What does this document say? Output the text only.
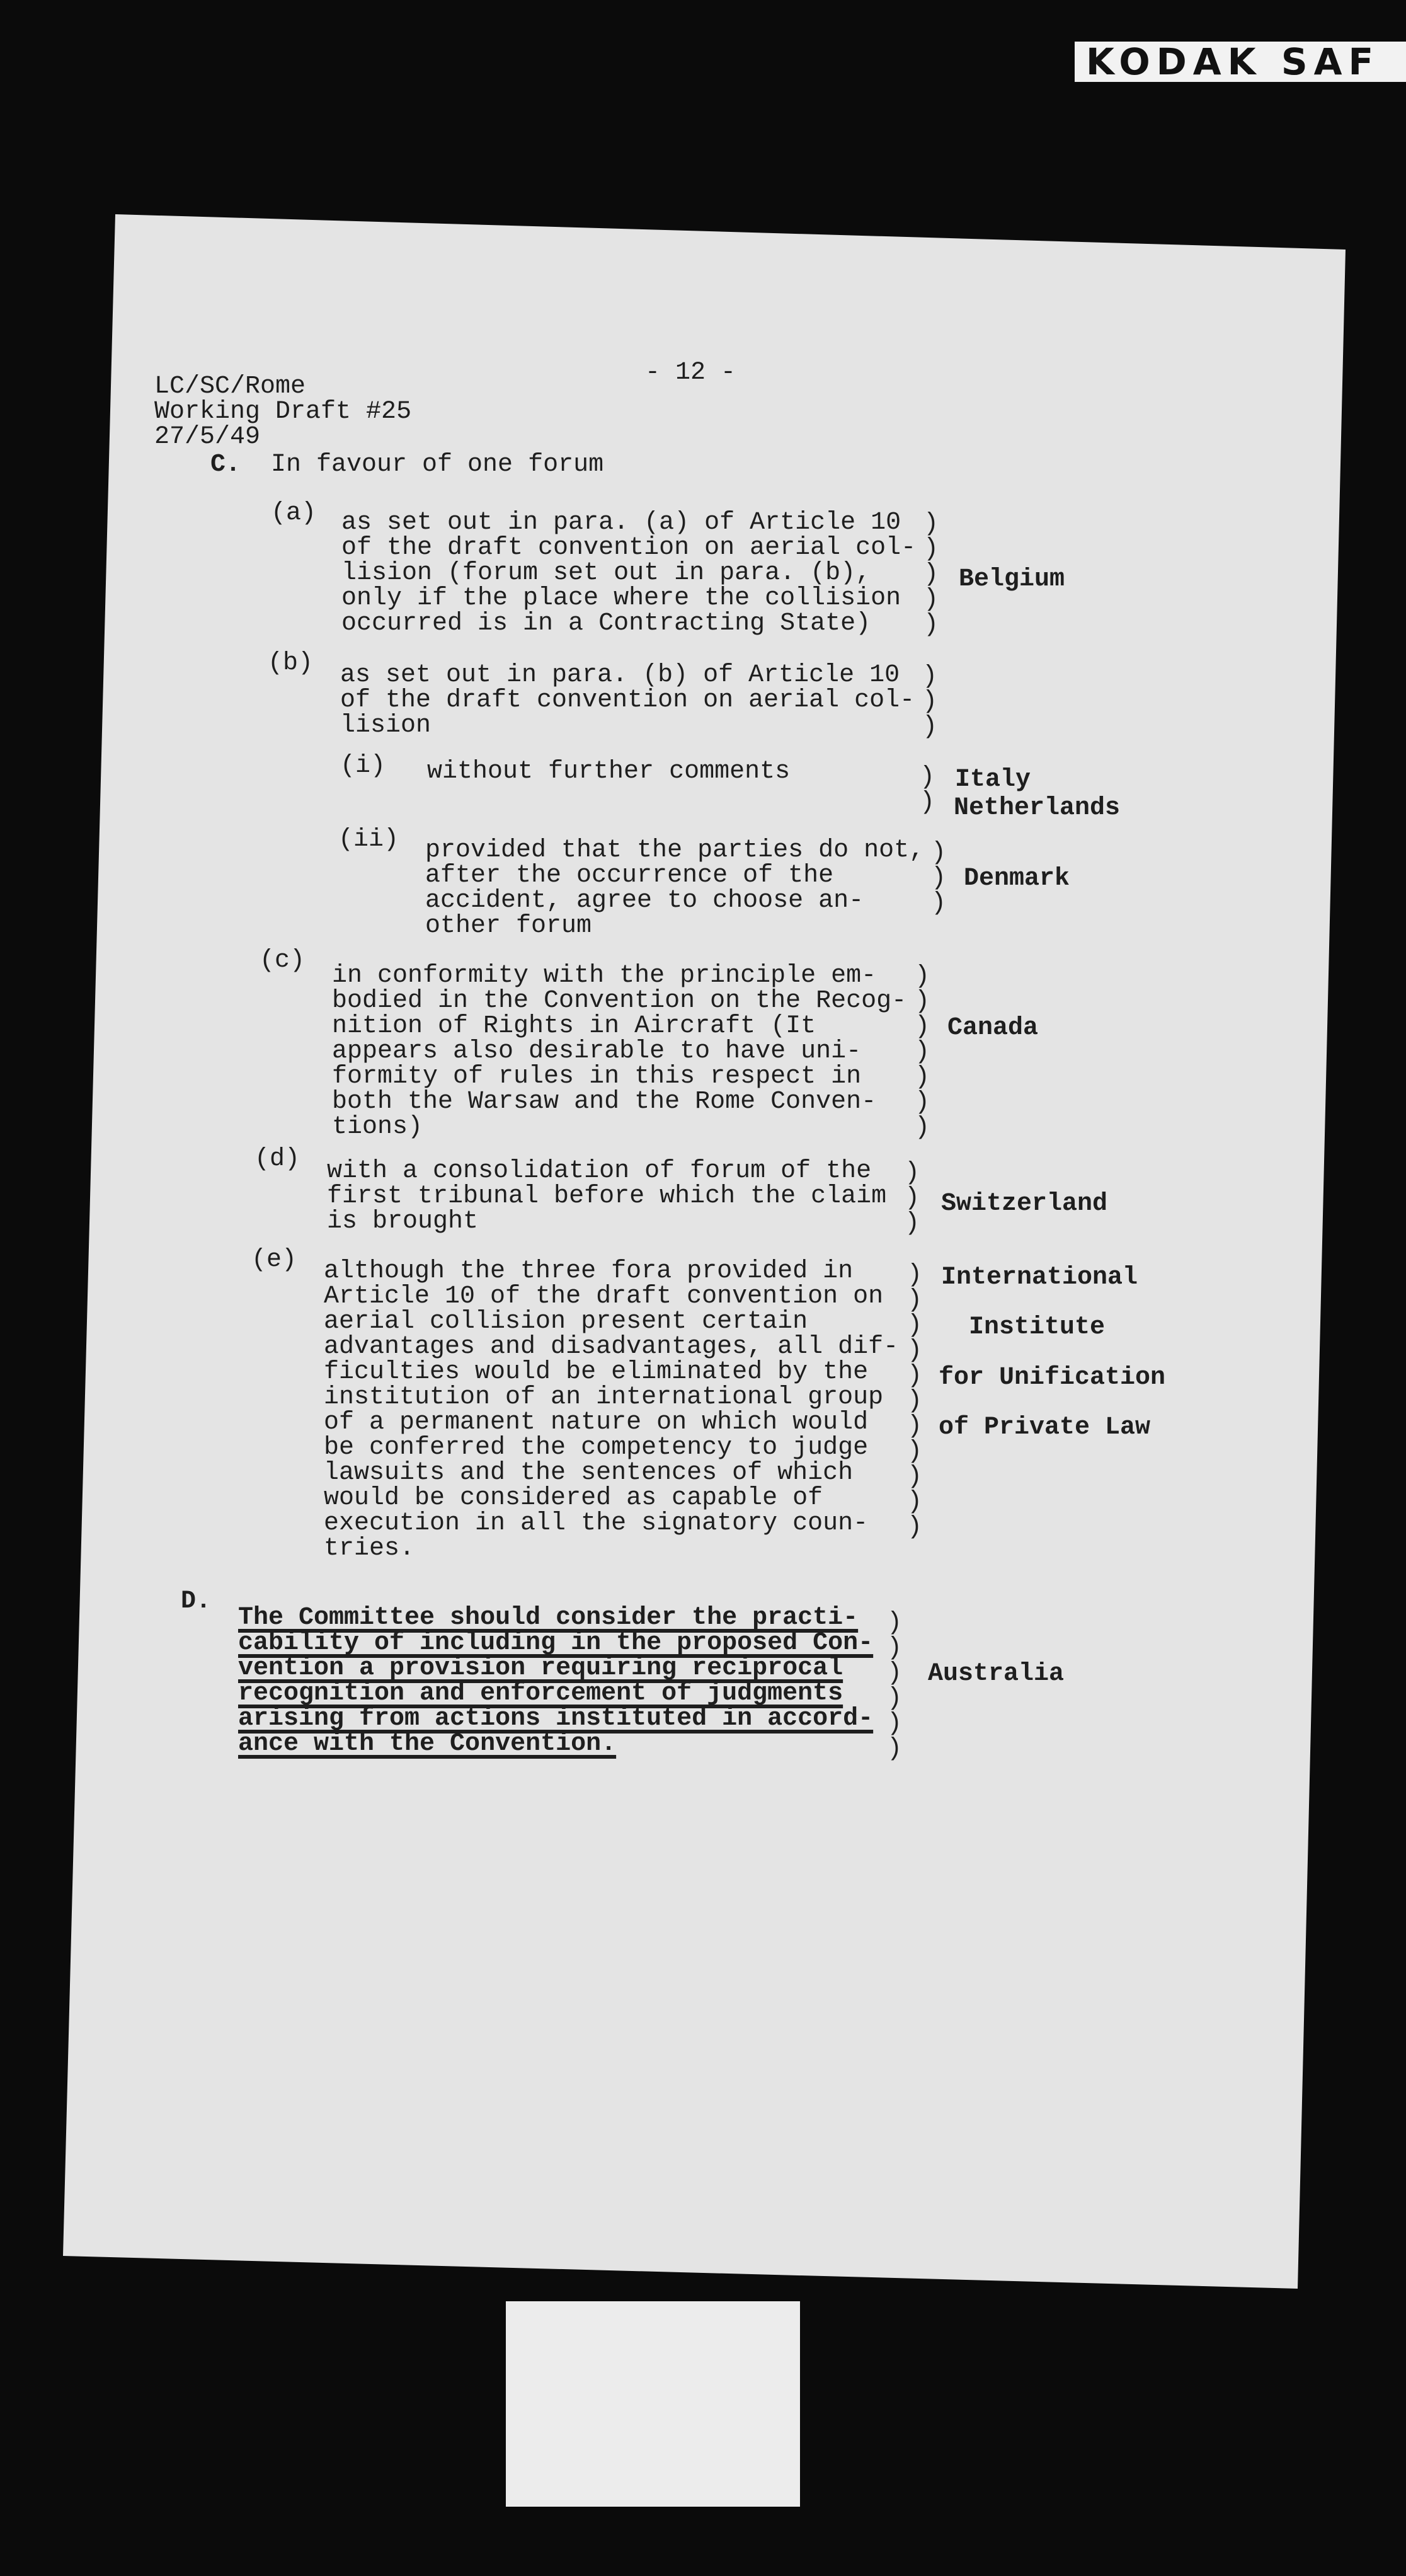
KODAK SAF

LC/SC/Rome
Working Draft #25
27/5/49

- 12 -
C. In favour of one forum
(a) as set out in para. (a) of Article 10
of the draft convention on aerial col-
lision (forum set out in para. (b),
only if the place where the collision
occurred is in a Contracting State)
)
)
)
)
)
Belgium
(b) as set out in para. (b) of Article 10
of the draft convention on aerial col-
lision
)
)
)
(i) without further comments	)
)
Italy
Netherlands
(ii) provided that the parties do not,
after the occurrence of the
accident, agree to choose an-
other forum
)
)
)
Denmark
(c)
in conformity with the principle em-
bodied in the Convention on the Recog-
nition of Rights in Aircraft (It
appears also desirable to have uni-
formity of rules in this respect in
both the Warsaw and the Rome Conven-
tions)
)
)
)
)
)
)
)
Canada
(d) with a consolidation of forum of the
first tribunal before which the claim
is brought
)
)
)
Switzerland
(e) although the three fora provided in
Article 10 of the draft convention on
aerial collision present certain
advantages and disadvantages, all dif-
ficulties would be eliminated by the
institution of an international group
of a permanent nature on which would
be conferred the competency to judge
lawsuits and the sentences of which
would be considered as capable of
execution in all the signatory coun-
tries.
)
)
)
)
)
)
)
)
)
)
)
International
Institute
for Unification
of Private Law
D.
The Committee should consider the practi-
cability of including in the proposed Con-
vention a provision requiring reciprocal
recognition and enforcement of judgments
arising from actions instituted in accord-
ance with the Convention.
)
)
)
)
)
)
Australia
